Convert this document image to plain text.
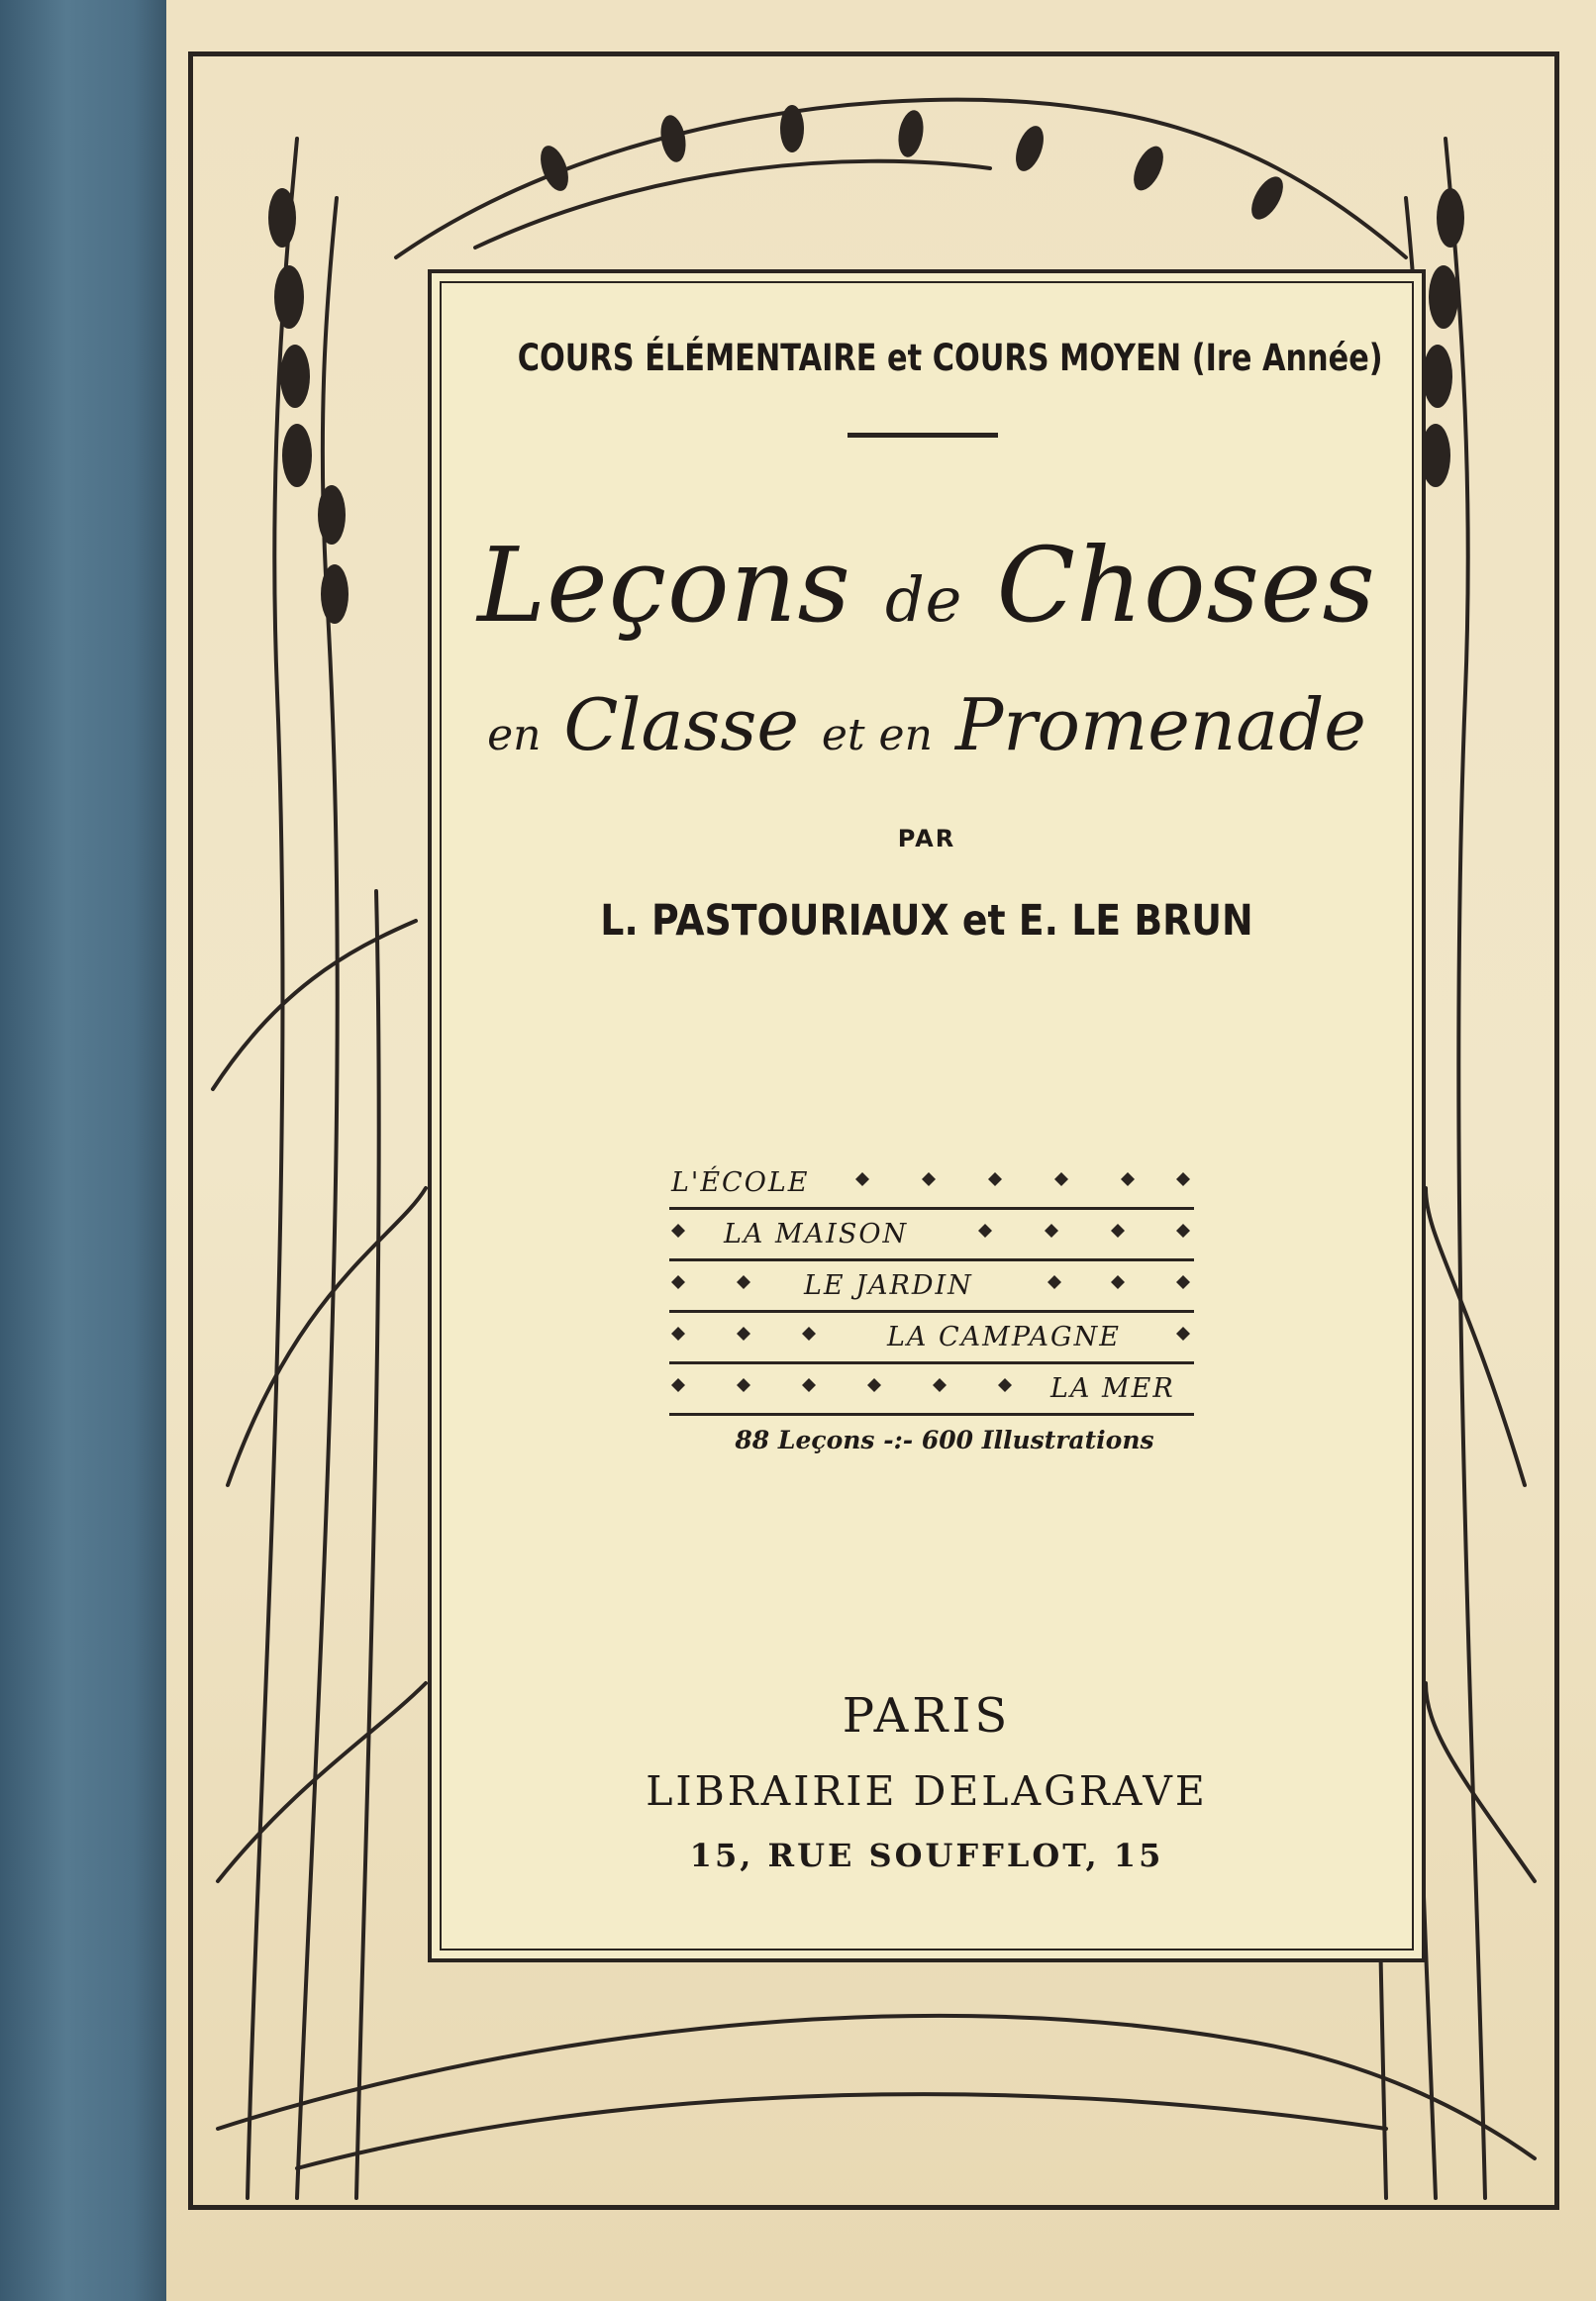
COURS ÉLÉMENTAIRE et COURS MOYEN (Ire Année)
Leçons de Choses
en Classe et en Promenade
PAR
L. PASTOURIAUX et E. LE BRUN
L'ÉCOLE
LA MAISON
LE JARDIN
LA CAMPAGNE
LA MER
88 Leçons -:- 600 Illustrations
PARIS
LIBRAIRIE DELAGRAVE
15, RUE SOUFFLOT, 15
